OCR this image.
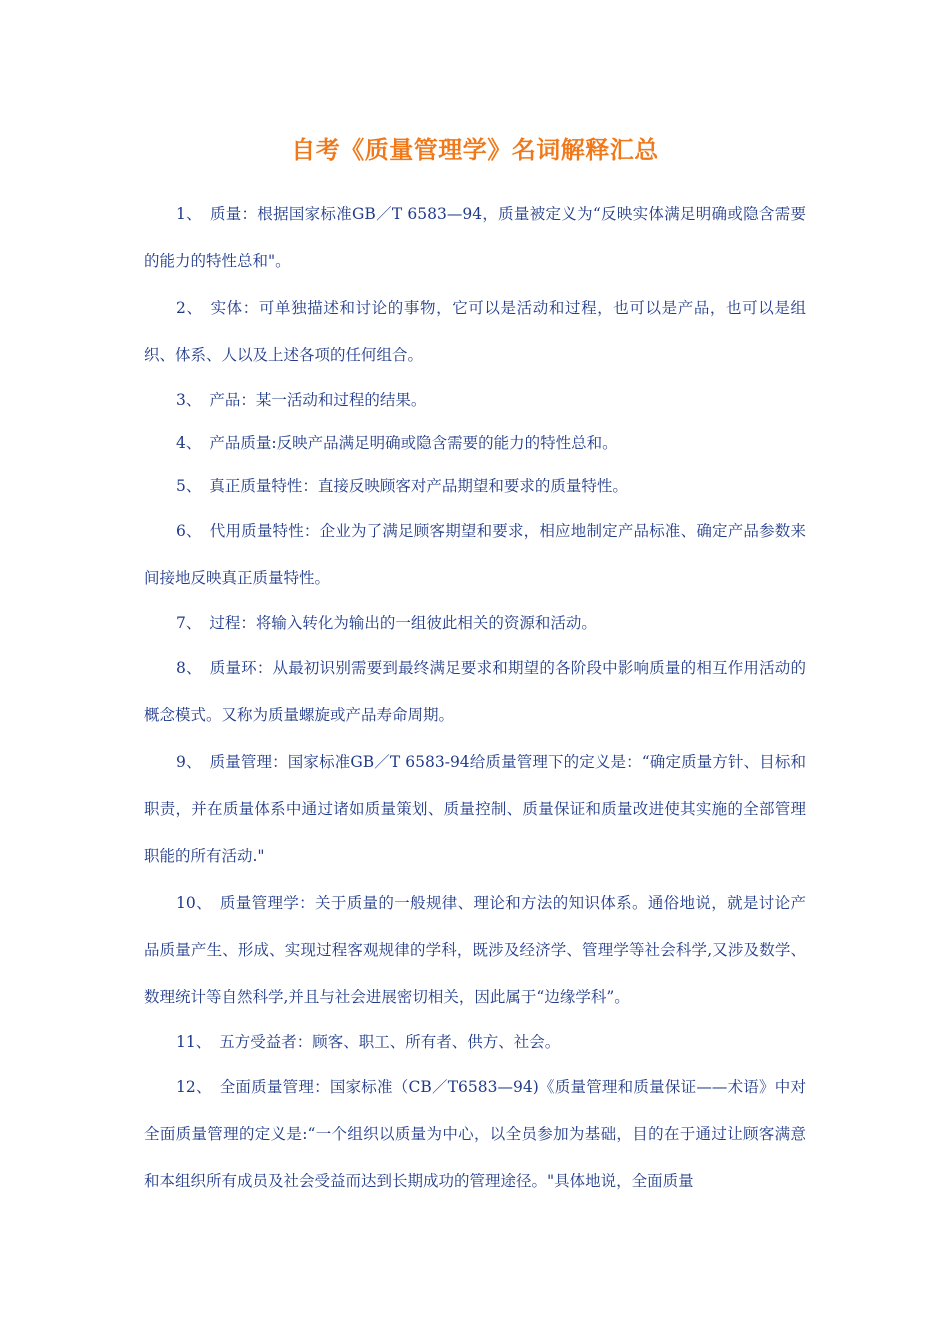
自考《质量管理学》名词解释汇总

1、 质量：根据国家标准GB／T 6583—94，质量被定义为“反映实体满足明确或隐含需要的能力的特性总和"。

2、 实体：可单独描述和讨论的事物，它可以是活动和过程，也可以是产品，也可以是组织、体系、人以及上述各项的任何组合。

3、 产品：某一活动和过程的结果。

4、 产品质量:反映产品满足明确或隐含需要的能力的特性总和。

5、 真正质量特性：直接反映顾客对产品期望和要求的质量特性。

6、 代用质量特性：企业为了满足顾客期望和要求，相应地制定产品标准、确定产品参数来间接地反映真正质量特性。

7、 过程：将输入转化为输出的一组彼此相关的资源和活动。

8、 质量环：从最初识别需要到最终满足要求和期望的各阶段中影响质量的相互作用活动的概念模式。又称为质量螺旋或产品寿命周期。

9、 质量管理：国家标准GB／T 6583-94给质量管理下的定义是：“确定质量方针、目标和职责，并在质量体系中通过诸如质量策划、质量控制、质量保证和质量改进使其实施的全部管理职能的所有活动."

10、 质量管理学：关于质量的一般规律、理论和方法的知识体系。通俗地说，就是讨论产品质量产生、形成、实现过程客观规律的学科，既涉及经济学、管理学等社会科学,又涉及数学、数理统计等自然科学,并且与社会进展密切相关，因此属于“边缘学科”。

11、 五方受益者：顾客、职工、所有者、供方、社会。

12、 全面质量管理：国家标准（CB／T6583—94)《质量管理和质量保证——术语》中对全面质量管理的定义是:“一个组织以质量为中心，以全员参加为基础，目的在于通过让顾客满意和本组织所有成员及社会受益而达到长期成功的管理途径。"具体地说，全面质量
